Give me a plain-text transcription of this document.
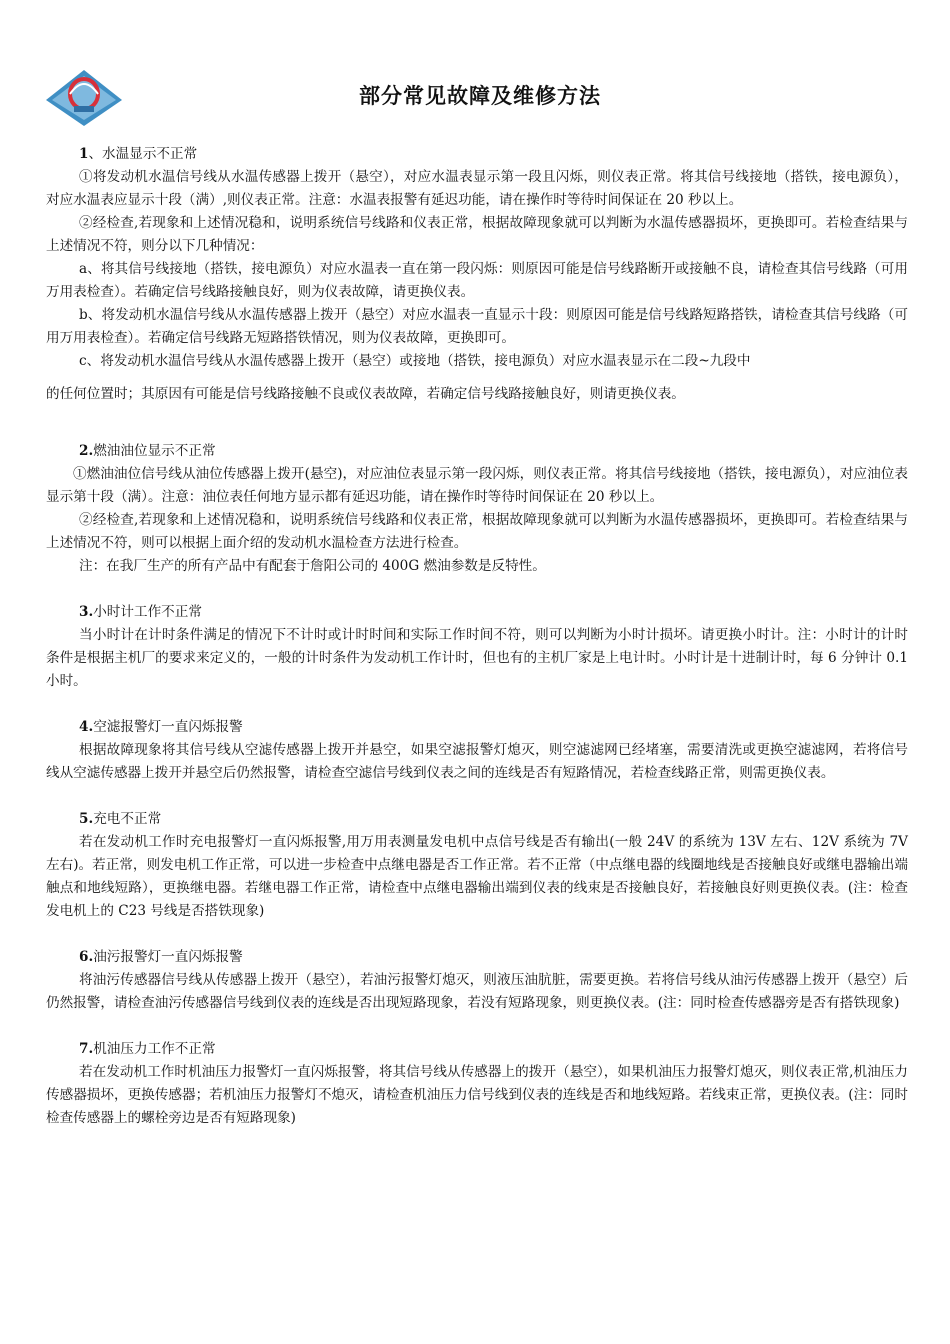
部分常见故障及维修方法

1、水温显示不正常

①将发动机水温信号线从水温传感器上拨开（悬空），对应水温表显示第一段且闪烁，则仪表正常。将其信号线接地（搭铁，接电源负），对应水温表应显示十段（满）,则仪表正常。注意：水温表报警有延迟功能，请在操作时等待时间保证在 20 秒以上。

②经检查,若现象和上述情况稳和，说明系统信号线路和仪表正常，根据故障现象就可以判断为水温传感器损坏，更换即可。若检查结果与上述情况不符，则分以下几种情况：

a、将其信号线接地（搭铁，接电源负）对应水温表一直在第一段闪烁：则原因可能是信号线路断开或接触不良，请检查其信号线路（可用万用表检查）。若确定信号线路接触良好，则为仪表故障，请更换仪表。

b、将发动机水温信号线从水温传感器上拨开（悬空）对应水温表一直显示十段：则原因可能是信号线路短路搭铁，请检查其信号线路（可用万用表检查）。若确定信号线路无短路搭铁情况，则为仪表故障，更换即可。

c、将发动机水温信号线从水温传感器上拨开（悬空）或接地（搭铁，接电源负）对应水温表显示在二段~九段中

的任何位置时；其原因有可能是信号线路接触不良或仪表故障，若确定信号线路接触良好，则请更换仪表。

2.燃油油位显示不正常

①燃油油位信号线从油位传感器上拨开(悬空)，对应油位表显示第一段闪烁，则仪表正常。将其信号线接地（搭铁，接电源负），对应油位表显示第十段（满）。注意：油位表任何地方显示都有延迟功能，请在操作时等待时间保证在 20 秒以上。

②经检查,若现象和上述情况稳和，说明系统信号线路和仪表正常，根据故障现象就可以判断为水温传感器损坏，更换即可。若检查结果与上述情况不符，则可以根据上面介绍的发动机水温检查方法进行检查。

注：在我厂生产的所有产品中有配套于詹阳公司的 400G 燃油参数是反特性。

3.小时计工作不正常

当小时计在计时条件满足的情况下不计时或计时时间和实际工作时间不符，则可以判断为小时计损坏。请更换小时计。注：小时计的计时条件是根据主机厂的要求来定义的，一般的计时条件为发动机工作计时，但也有的主机厂家是上电计时。小时计是十进制计时，每 6 分钟计 0.1 小时。

4.空滤报警灯一直闪烁报警

根据故障现象将其信号线从空滤传感器上拨开并悬空，如果空滤报警灯熄灭，则空滤滤网已经堵塞，需要清洗或更换空滤滤网，若将信号线从空滤传感器上拨开并悬空后仍然报警，请检查空滤信号线到仪表之间的连线是否有短路情况，若检查线路正常，则需更换仪表。

5.充电不正常

若在发动机工作时充电报警灯一直闪烁报警,用万用表测量发电机中点信号线是否有输出(一般 24V 的系统为 13V 左右、12V 系统为 7V 左右)。若正常，则发电机工作正常，可以进一步检查中点继电器是否工作正常。若不正常（中点继电器的线圈地线是否接触良好或继电器输出端触点和地线短路），更换继电器。若继电器工作正常，请检查中点继电器输出端到仪表的线束是否接触良好，若接触良好则更换仪表。(注：检查发电机上的 C23 号线是否搭铁现象)

6.油污报警灯一直闪烁报警

将油污传感器信号线从传感器上拨开（悬空），若油污报警灯熄灭，则液压油肮脏，需要更换。若将信号线从油污传感器上拨开（悬空）后仍然报警，请检查油污传感器信号线到仪表的连线是否出现短路现象，若没有短路现象，则更换仪表。(注：同时检查传感器旁是否有搭铁现象)

7.机油压力工作不正常

若在发动机工作时机油压力报警灯一直闪烁报警，将其信号线从传感器上的拨开（悬空），如果机油压力报警灯熄灭，则仪表正常,机油压力传感器损坏，更换传感器；若机油压力报警灯不熄灭，请检查机油压力信号线到仪表的连线是否和地线短路。若线束正常，更换仪表。(注：同时检查传感器上的螺栓旁边是否有短路现象)
